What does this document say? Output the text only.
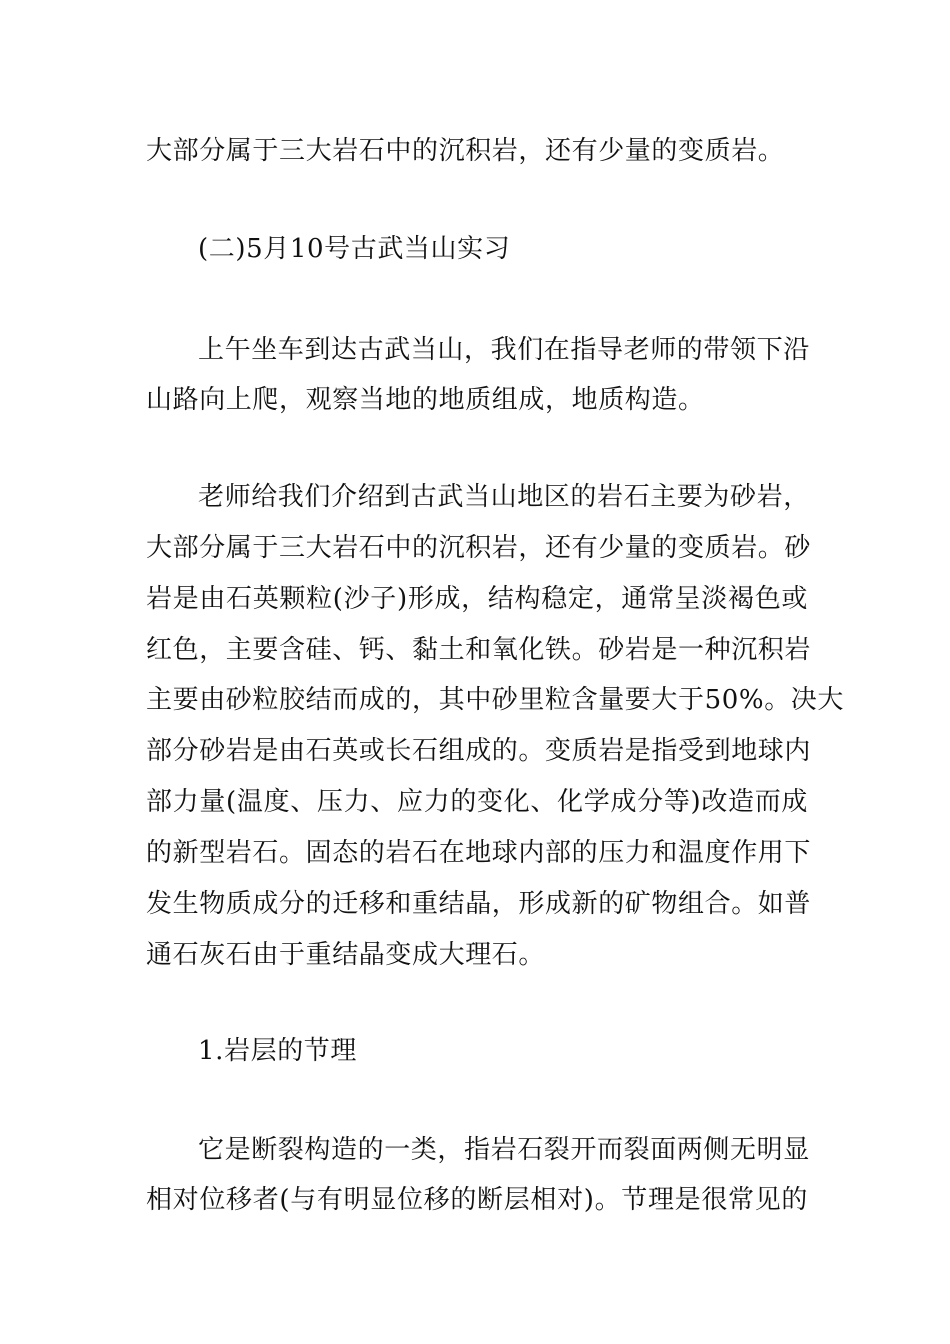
大部分属于三大岩石中的沉积岩，还有少量的变质岩。
(二)5月10号古武当山实习
上午坐车到达古武当山，我们在指导老师的带领下沿
山路向上爬，观察当地的地质组成，地质构造。
老师给我们介绍到古武当山地区的岩石主要为砂岩，
大部分属于三大岩石中的沉积岩，还有少量的变质岩。砂
岩是由石英颗粒(沙子)形成，结构稳定，通常呈淡褐色或
红色，主要含硅、钙、黏土和氧化铁。砂岩是一种沉积岩
主要由砂粒胶结而成的，其中砂里粒含量要大于50%。决大
部分砂岩是由石英或长石组成的。变质岩是指受到地球内
部力量(温度、压力、应力的变化、化学成分等)改造而成
的新型岩石。固态的岩石在地球内部的压力和温度作用下
发生物质成分的迁移和重结晶，形成新的矿物组合。如普
通石灰石由于重结晶变成大理石。
1.岩层的节理
它是断裂构造的一类，指岩石裂开而裂面两侧无明显
相对位移者(与有明显位移的断层相对)。节理是很常见的
